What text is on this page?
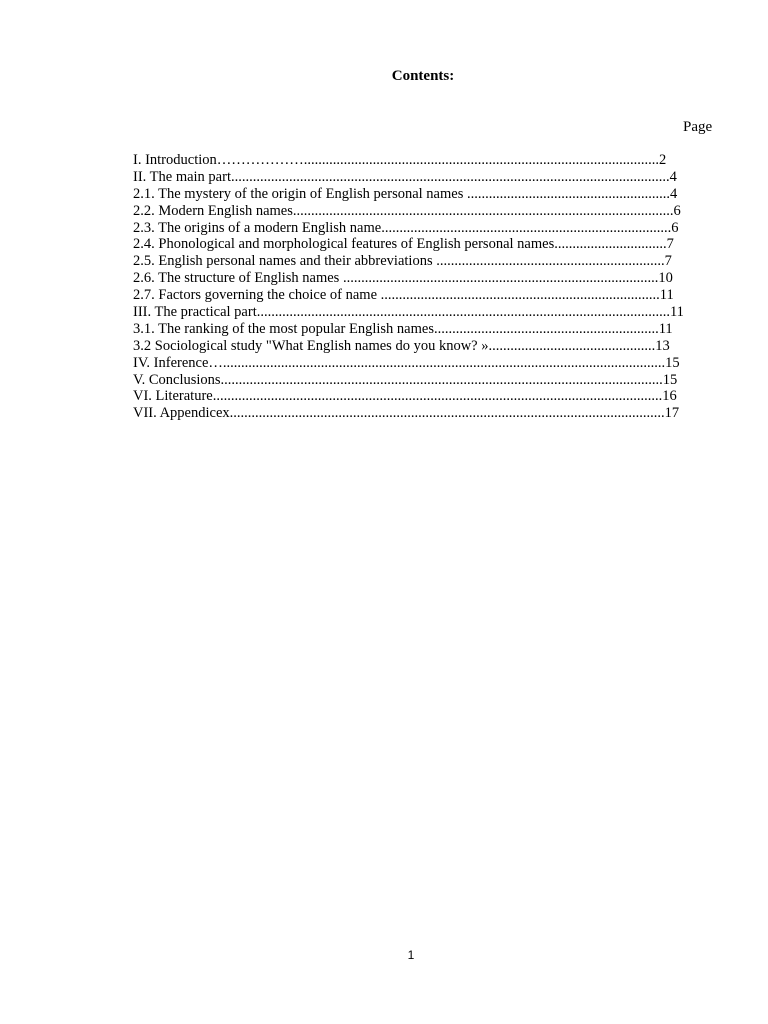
Contents:
Page
I. Introduction………………..................................................................................................2
II. The main part.........................................................................................................................4
2.1. The mystery of the origin of English personal names ........................................................4
2.2. Modern English names.........................................................................................................6
2.3. The origins of a modern English name................................................................................6
2.4. Phonological and morphological features of English personal names...............................7
2.5. English personal names and their abbreviations ...............................................................7
2.6. The structure of English names .......................................................................................10
2.7. Factors governing the choice of name .............................................................................11
III. The practical part..................................................................................................................11
3.1. The ranking of the most popular English names..............................................................11
3.2 Sociological study "What English names do you know? »..............................................13
IV. Inference…..........................................................................................................................15
V. Conclusions..........................................................................................................................15
VI. Literature............................................................................................................................16
VII. Appendicex........................................................................................................................17
1
